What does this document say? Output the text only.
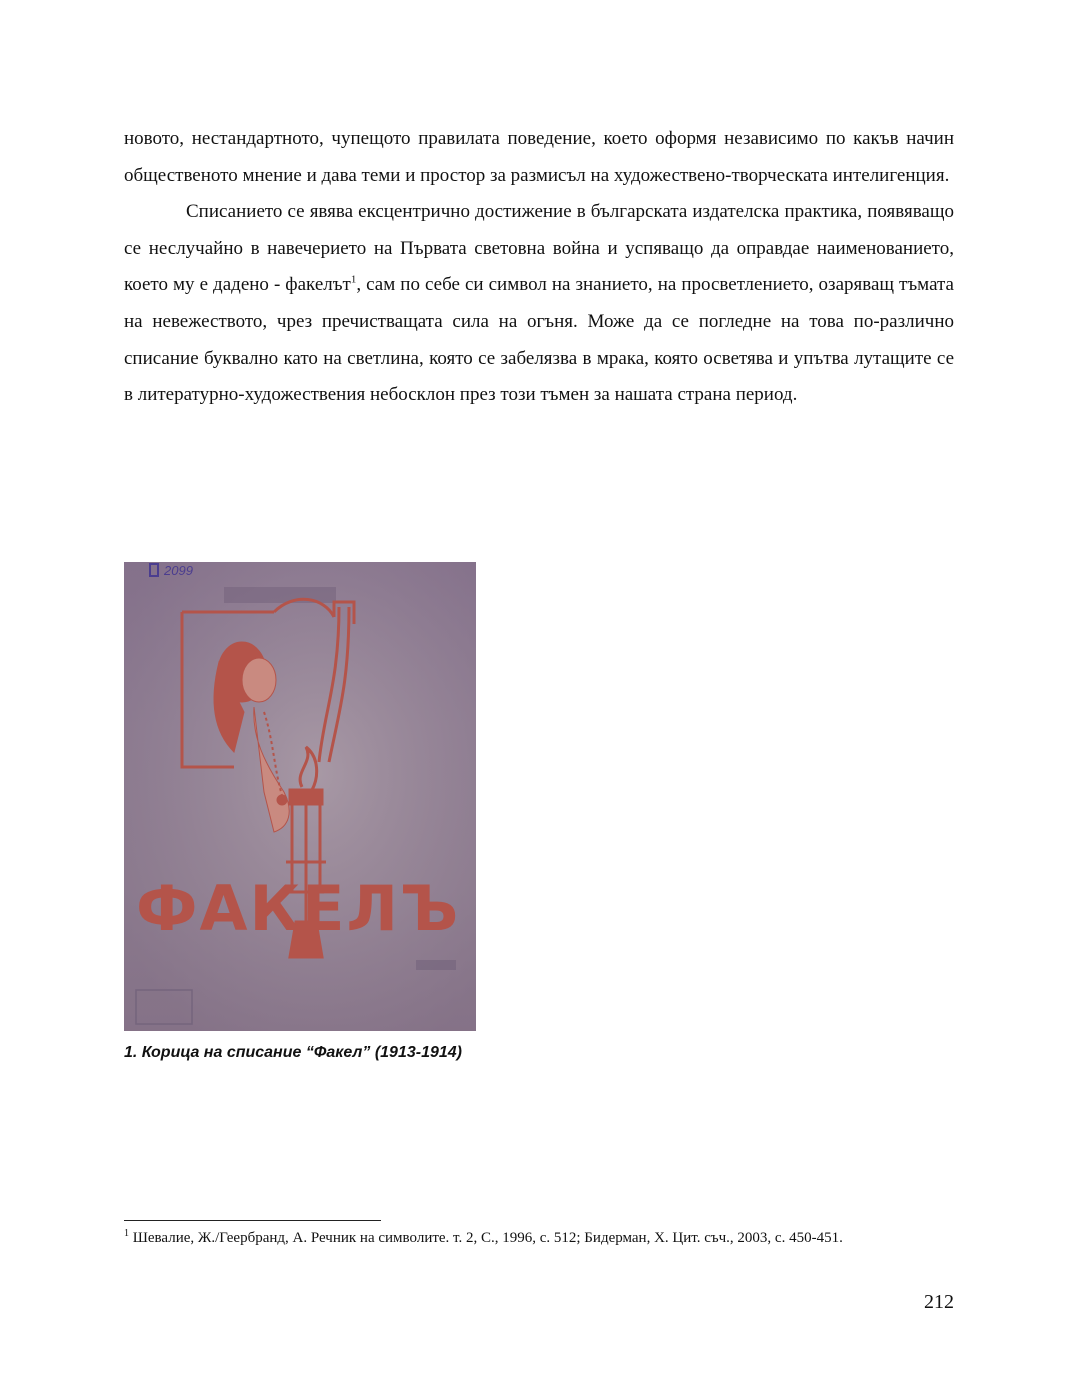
новото, нестандартното, чупещото правилата поведение, което оформя независимо по какъв начин общественото мнение и дава теми и простор за размисъл на художествено-творческата интелигенция.

Списанието се явява ексцентрично достижение в българската издателска практика, появяващо се неслучайно в навечерието на Първата световна война и успяващо да оправдае наименованието, което му е дадено - факелът$^1$, сам по себе си символ на знанието, на просветлението, озаряващ тъмата на невежеството, чрез пречистващата сила на огъня. Може да се погледне на това по-различно списание буквално като на светлина, която се забелязва в мрака, която осветява и упътва лутащите се в литературно-художествения небосклон през този тъмен за нашата страна период.

2099
ФАКЕЛЪ
1. Корица на списание “Факел” (1913-1914)
$^1$ Шевалие, Ж./Геербранд, А. Речник на символите. т. 2, С., 1996, с. 512; Бидерман, Х. Цит. съч., 2003, с. 450-451.
212
